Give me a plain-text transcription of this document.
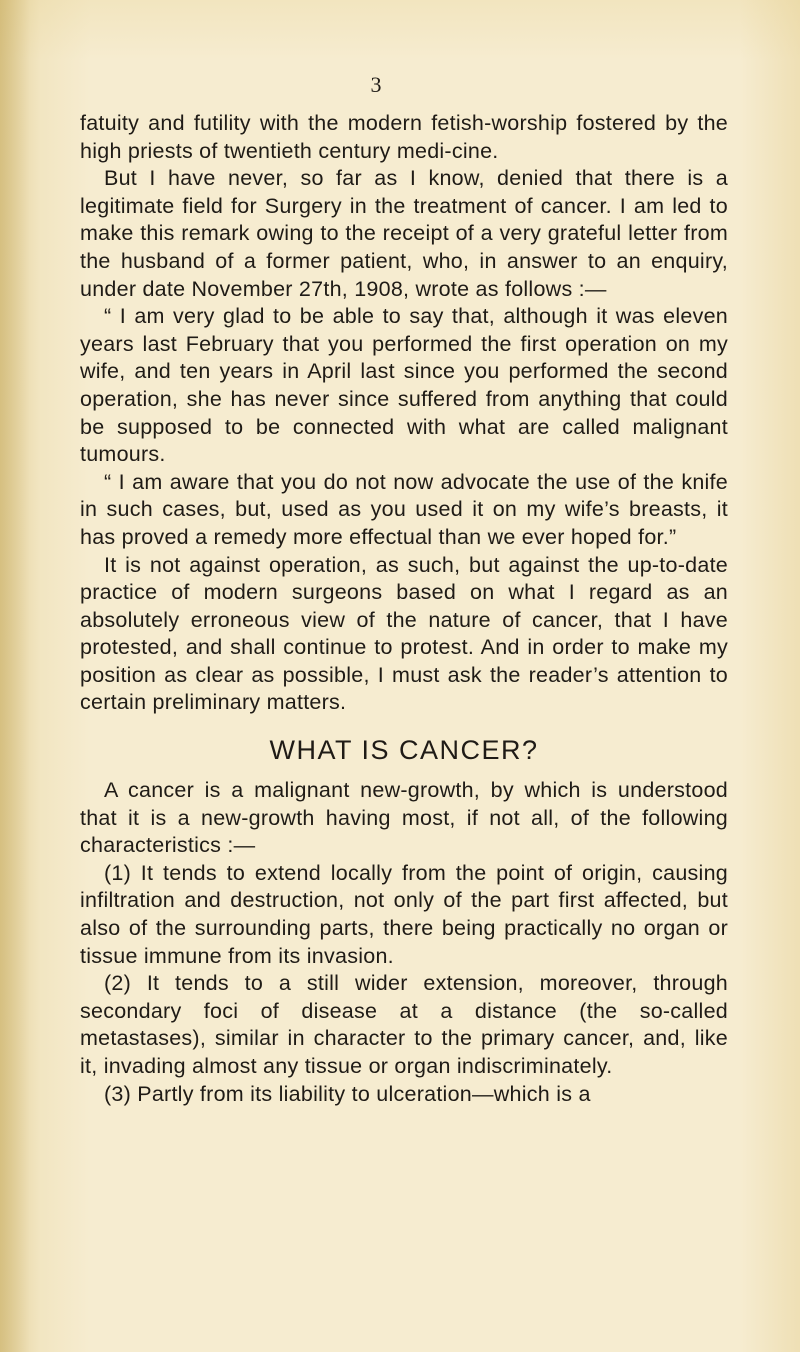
3

fatuity and futility with the modern fetish-worship fostered by the high priests of twentieth century medi-cine.

But I have never, so far as I know, denied that there is a legitimate field for Surgery in the treatment of cancer. I am led to make this remark owing to the receipt of a very grateful letter from the husband of a former patient, who, in answer to an enquiry, under date November 27th, 1908, wrote as follows :—

“ I am very glad to be able to say that, although it was eleven years last February that you performed the first operation on my wife, and ten years in April last since you performed the second operation, she has never since suffered from anything that could be supposed to be connected with what are called malignant tumours.

“ I am aware that you do not now advocate the use of the knife in such cases, but, used as you used it on my wife’s breasts, it has proved a remedy more effectual than we ever hoped for.”

It is not against operation, as such, but against the up-to-date practice of modern surgeons based on what I regard as an absolutely erroneous view of the nature of cancer, that I have protested, and shall continue to protest. And in order to make my position as clear as possible, I must ask the reader’s attention to certain preliminary matters.

WHAT IS CANCER?

A cancer is a malignant new-growth, by which is understood that it is a new-growth having most, if not all, of the following characteristics :—

(1) It tends to extend locally from the point of origin, causing infiltration and destruction, not only of the part first affected, but also of the surrounding parts, there being practically no organ or tissue immune from its invasion.

(2) It tends to a still wider extension, moreover, through secondary foci of disease at a distance (the so-called metastases), similar in character to the primary cancer, and, like it, invading almost any tissue or organ indiscriminately.

(3) Partly from its liability to ulceration—which is a
